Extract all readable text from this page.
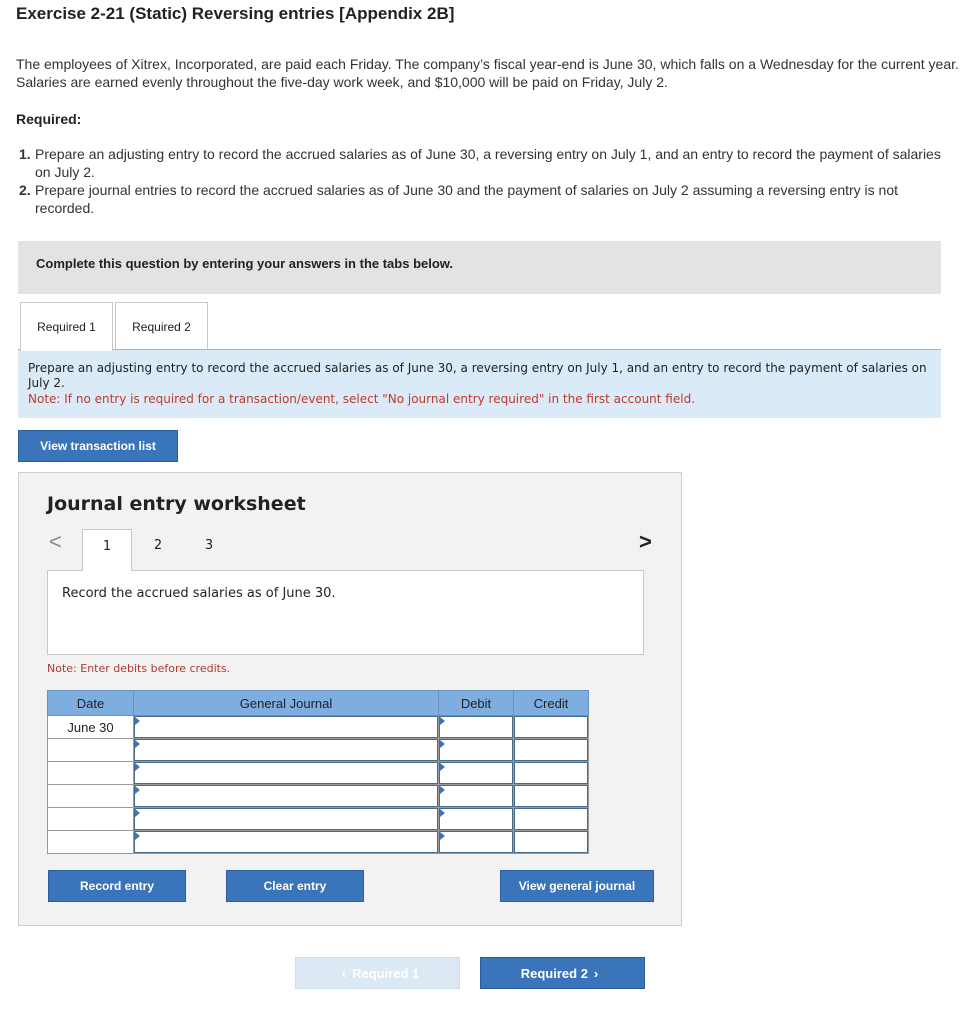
Exercise 2-21 (Static) Reversing entries [Appendix 2B]
The employees of Xitrex, Incorporated, are paid each Friday. The company’s fiscal year-end is June 30, which falls on a Wednesday for the current year. Salaries are earned evenly throughout the five-day work week, and $10,000 will be paid on Friday, July 2.
Required:
1. Prepare an adjusting entry to record the accrued salaries as of June 30, a reversing entry on July 1, and an entry to record the payment of salaries on July 2.
2. Prepare journal entries to record the accrued salaries as of June 30 and the payment of salaries on July 2 assuming a reversing entry is not recorded.
Complete this question by entering your answers in the tabs below.
Required 1	Required 2
Prepare an adjusting entry to record the accrued salaries as of June 30, a reversing entry on July 1, and an entry to record the payment of salaries on July 2.
Note: If no entry is required for a transaction/event, select "No journal entry required" in the first account field.
View transaction list
Journal entry worksheet
<	1	2	3	>
Record the accrued salaries as of June 30.
Note: Enter debits before credits.
Date	General Journal	Debit	Credit
June 30	

Record entry	Clear entry	View general journal
‹ Required 1	Required 2 ›
